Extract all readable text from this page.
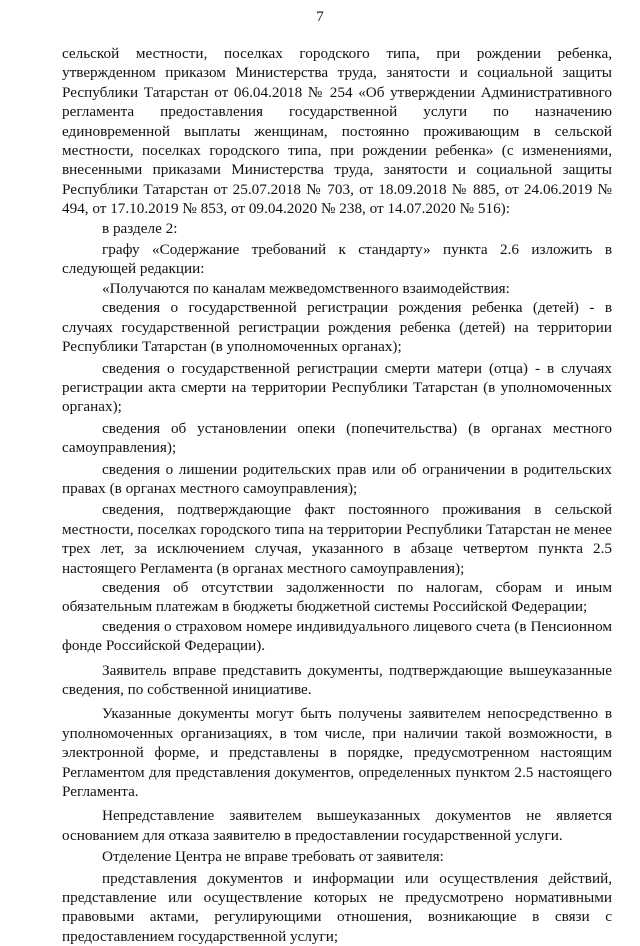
7

сельской местности, поселках городского типа, при рождении ребенка, утвержденном приказом Министерства труда, занятости и социальной защиты Республики Татарстан от 06.04.2018 № 254 «Об утверждении Административного регламента предоставления государственной услуги по назначению единовременной выплаты женщинам, постоянно проживающим в сельской местности, поселках городского типа, при рождении ребенка» (с изменениями, внесенными приказами Министерства труда, занятости и социальной защиты Республики Татарстан от 25.07.2018 № 703, от 18.09.2018 № 885, от 24.06.2019 № 494, от 17.10.2019 № 853, от 09.04.2020 № 238, от 14.07.2020 № 516):

в разделе 2:

графу «Содержание требований к стандарту» пункта 2.6 изложить в следующей редакции:

«Получаются по каналам межведомственного взаимодействия:

сведения о государственной регистрации рождения ребенка (детей) - в случаях государственной регистрации рождения ребенка (детей) на территории Республики Татарстан (в уполномоченных органах);

сведения о государственной регистрации смерти матери (отца) - в случаях регистрации акта смерти на территории Республики Татарстан (в уполномоченных органах);

сведения об установлении опеки (попечительства) (в органах местного самоуправления);

сведения о лишении родительских прав или об ограничении в родительских правах (в органах местного самоуправления);

сведения, подтверждающие факт постоянного проживания в сельской местности, поселках городского типа на территории Республики Татарстан не менее трех лет, за исключением случая, указанного в абзаце четвертом пункта 2.5 настоящего Регламента (в органах местного самоуправления);

сведения об отсутствии задолженности по налогам, сборам и иным обязательным платежам в бюджеты бюджетной системы Российской Федерации;

сведения о страховом номере индивидуального лицевого счета (в Пенсионном фонде Российской Федерации).

Заявитель вправе представить документы, подтверждающие вышеуказанные сведения, по собственной инициативе.

Указанные документы могут быть получены заявителем непосредственно в уполномоченных организациях, в том числе, при наличии такой возможности, в электронной форме, и представлены в порядке, предусмотренном настоящим Регламентом для представления документов, определенных пунктом 2.5 настоящего Регламента.

Непредставление заявителем вышеуказанных документов не является основанием для отказа заявителю в предоставлении государственной услуги.

Отделение Центра не вправе требовать от заявителя:

представления документов и информации или осуществления действий, представление или осуществление которых не предусмотрено нормативными правовыми актами, регулирующими отношения, возникающие в связи с предоставлением государственной услуги;
